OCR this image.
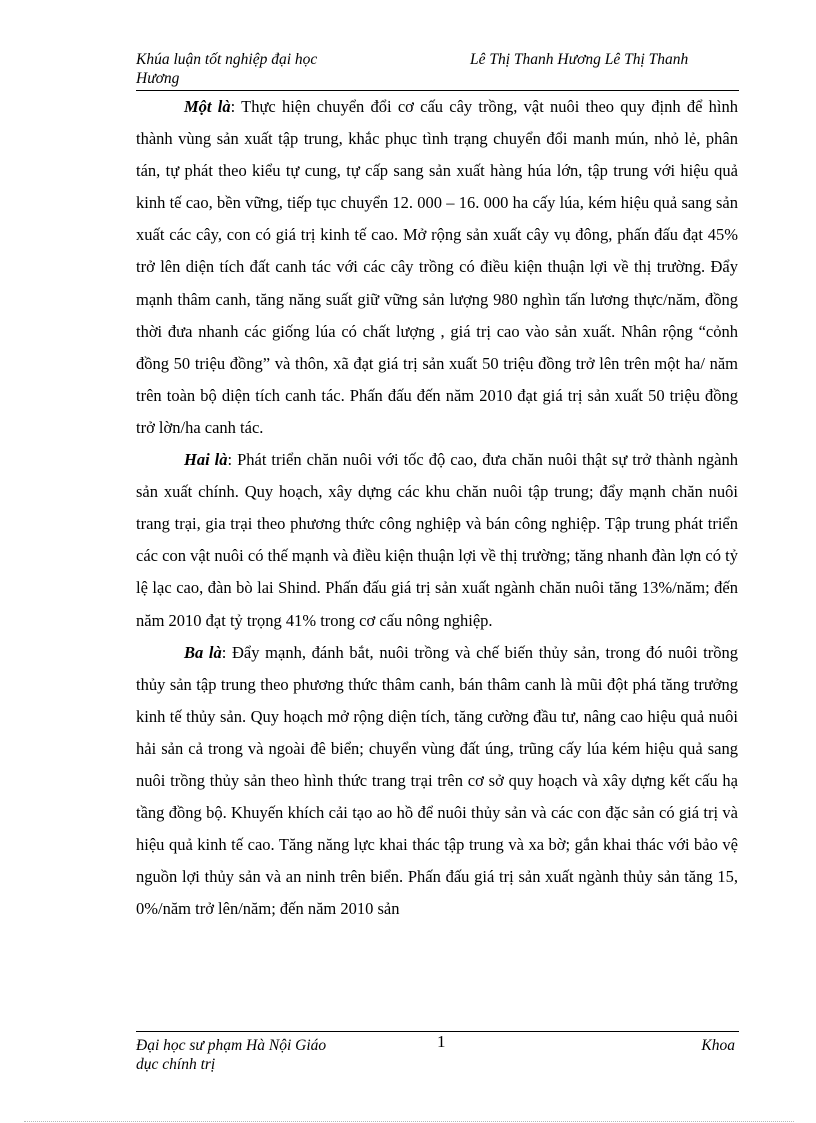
Khúa luận tốt nghiệp đại học Hương
Lê Thị Thanh Hương Lê Thị Thanh

Một là: Thực hiện chuyển đổi cơ cấu cây trồng, vật nuôi theo quy định để hình thành vùng sản xuất tập trung, khắc phục tình trạng chuyển đổi manh mún, nhỏ lẻ, phân tán, tự phát theo kiểu tự cung, tự cấp sang sản xuất hàng húa lớn, tập trung với hiệu quả kinh tế cao, bền vững, tiếp tục chuyển 12. 000 – 16. 000 ha cấy lúa, kém hiệu quả sang sản xuất các cây, con có giá trị kinh tế cao. Mở rộng sản xuất cây vụ đông, phấn đấu đạt 45% trở lên diện tích đất canh tác với các cây trồng có điều kiện thuận lợi về thị trường. Đẩy mạnh thâm canh, tăng năng suất giữ vững sản lượng 980 nghìn tấn lương thực/năm, đồng thời đưa nhanh các giống lúa có chất lượng , giá trị cao vào sản xuất. Nhân rộng “cỏnh đồng 50 triệu đồng” và thôn, xã đạt giá trị sản xuất 50 triệu đồng trở lên trên một ha/ năm trên toàn bộ diện tích canh tác. Phấn đấu đến năm 2010 đạt giá trị sản xuất 50 triệu đồng trở lờn/ha canh tác.

Hai là: Phát triển chăn nuôi với tốc độ cao, đưa chăn nuôi thật sự trở thành ngành sản xuất chính. Quy hoạch, xây dựng các khu chăn nuôi tập trung; đẩy mạnh chăn nuôi trang trại, gia trại theo phương thức công nghiệp và bán công nghiệp. Tập trung phát triển các con vật nuôi có thế mạnh và điều kiện thuận lợi về thị trường; tăng nhanh đàn lợn có tỷ lệ lạc cao, đàn bò lai Shind. Phấn đấu giá trị sản xuất ngành chăn nuôi tăng 13%/năm; đến năm 2010 đạt tỷ trọng 41% trong cơ cấu nông nghiệp.

Ba là: Đẩy mạnh, đánh bắt, nuôi trồng và chế biến thủy sản, trong đó nuôi trồng thủy sản tập trung theo phương thức thâm canh, bán thâm canh là mũi đột phá tăng trưởng kinh tế thủy sản. Quy hoạch mở rộng diện tích, tăng cường đầu tư, nâng cao hiệu quả nuôi hải sản cả trong và ngoài đê biển; chuyển vùng đất úng, trũng cấy lúa kém hiệu quả sang nuôi trồng thủy sản theo hình thức trang trại trên cơ sở quy hoạch và xây dựng kết cấu hạ tầng đồng bộ. Khuyến khích cải tạo ao hồ để nuôi thủy sản và các con đặc sản có giá trị và hiệu quả kinh tế cao. Tăng năng lực khai thác tập trung và xa bờ; gắn khai thác với bảo vệ nguồn lợi thủy sản và an ninh trên biển. Phấn đấu giá trị sản xuất ngành thủy sản tăng 15, 0%/năm trở lên/năm; đến năm 2010 sản

Đại học sư phạm Hà Nội Giáo dục chính trị
1	Khoa
